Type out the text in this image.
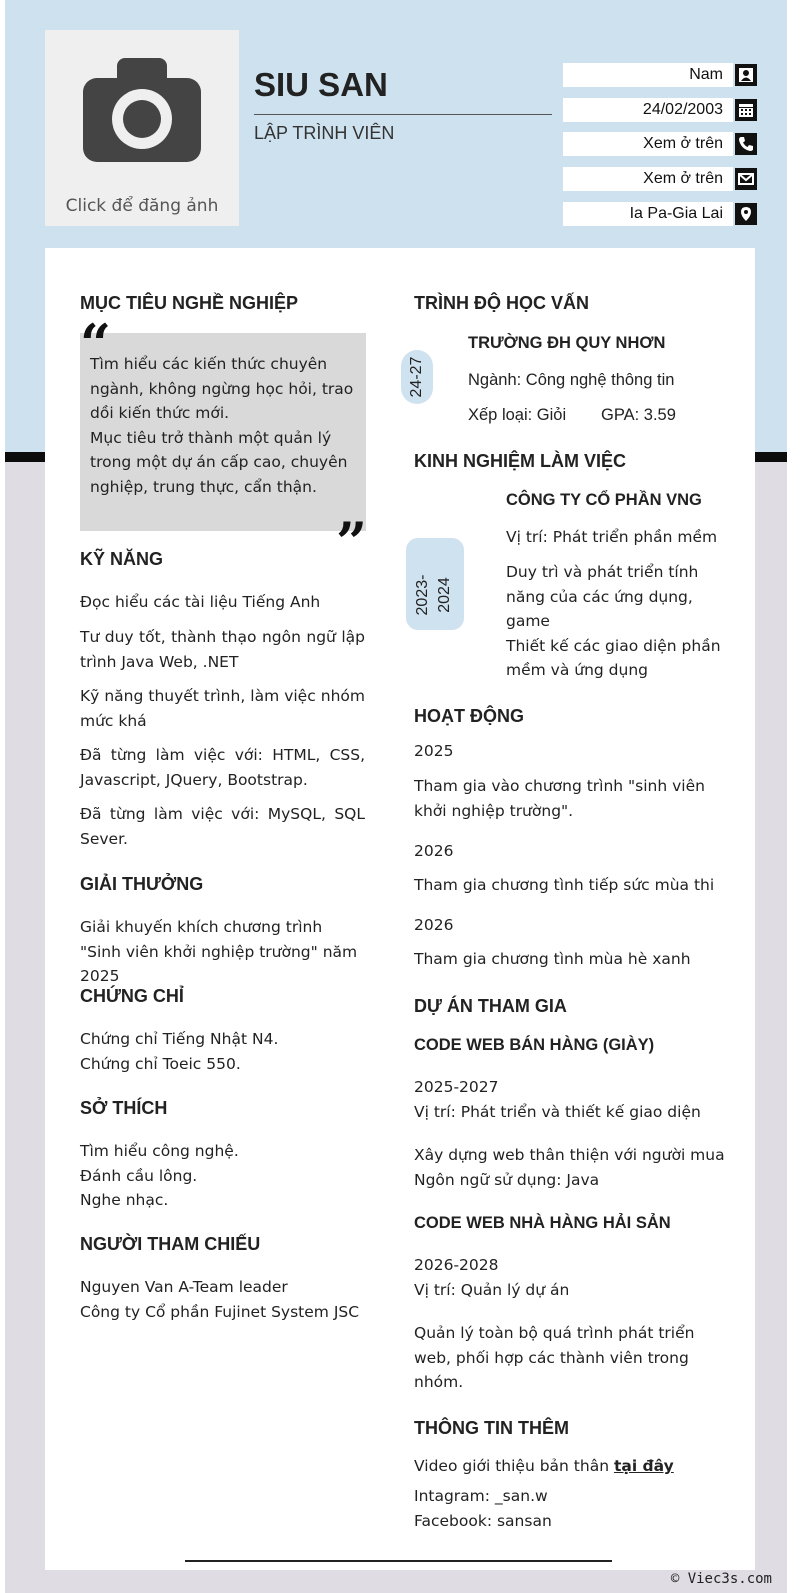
Click để đăng ảnh
SIU SAN
LẬP TRÌNH VIÊN
Nam
24/02/2003
Xem ở trên
Xem ở trên
Ia Pa-Gia Lai
MỤC TIÊU NGHỀ NGHIỆP
“
”
Tìm hiểu các kiến thức chuyên
ngành, không ngừng học hỏi, trao
dồi kiến thức mới.
Mục tiêu trở thành một quản lý
trong một dự án cấp cao, chuyên
nghiệp, trung thực, cẩn thận.
KỸ NĂNG
Đọc hiểu các tài liệu Tiếng Anh
Tư duy tốt, thành thạo ngôn ngữ lập trình Java Web, .NET
Kỹ năng thuyết trình, làm việc nhóm mức khá
Đã từng làm việc với: HTML, CSS, Javascript, JQuery, Bootstrap.
Đã từng làm việc với: MySQL, SQL Sever.
GIẢI THƯỞNG
Giải khuyến khích chương trình "Sinh viên khởi nghiệp trường" năm 2025
CHỨNG CHỈ
Chứng chỉ Tiếng Nhật N4.
Chứng chỉ Toeic 550.
SỞ THÍCH
Tìm hiểu công nghệ.
Đánh cầu lông.
Nghe nhạc.
NGƯỜI THAM CHIẾU
Nguyen Van A-Team leader
Công ty Cổ phần Fujinet System JSC
TRÌNH ĐỘ HỌC VẤN
24-27
TRƯỜNG ĐH QUY NHƠN
Ngành: Công nghệ thông tin
Xếp loại: Giỏi GPA: 3.59
KINH NGHIỆM LÀM VIỆC
2023- 2024
CÔNG TY CỔ PHẦN VNG
Vị trí: Phát triển phần mềm
Duy trì và phát triển tính
năng của các ứng dụng,
game
Thiết kế các giao diện phần
mềm và ứng dụng
HOẠT ĐỘNG
2025
Tham gia vào chương trình "sinh viên
khởi nghiệp trường".
2026
Tham gia chương tình tiếp sức mùa thi
2026
Tham gia chương tình mùa hè xanh
DỰ ÁN THAM GIA
CODE WEB BÁN HÀNG (GIÀY)
2025-2027
Vị trí: Phát triển và thiết kế giao diện
Xây dựng web thân thiện với người mua
Ngôn ngữ sử dụng: Java
CODE WEB NHÀ HÀNG HẢI SẢN
2026-2028
Vị trí: Quản lý dự án
Quản lý toàn bộ quá trình phát triển
web, phối hợp các thành viên trong
nhóm.
THÔNG TIN THÊM
Video giới thiệu bản thân tại đây
Intagram: _san.w
Facebook: sansan
© Viec3s.com
